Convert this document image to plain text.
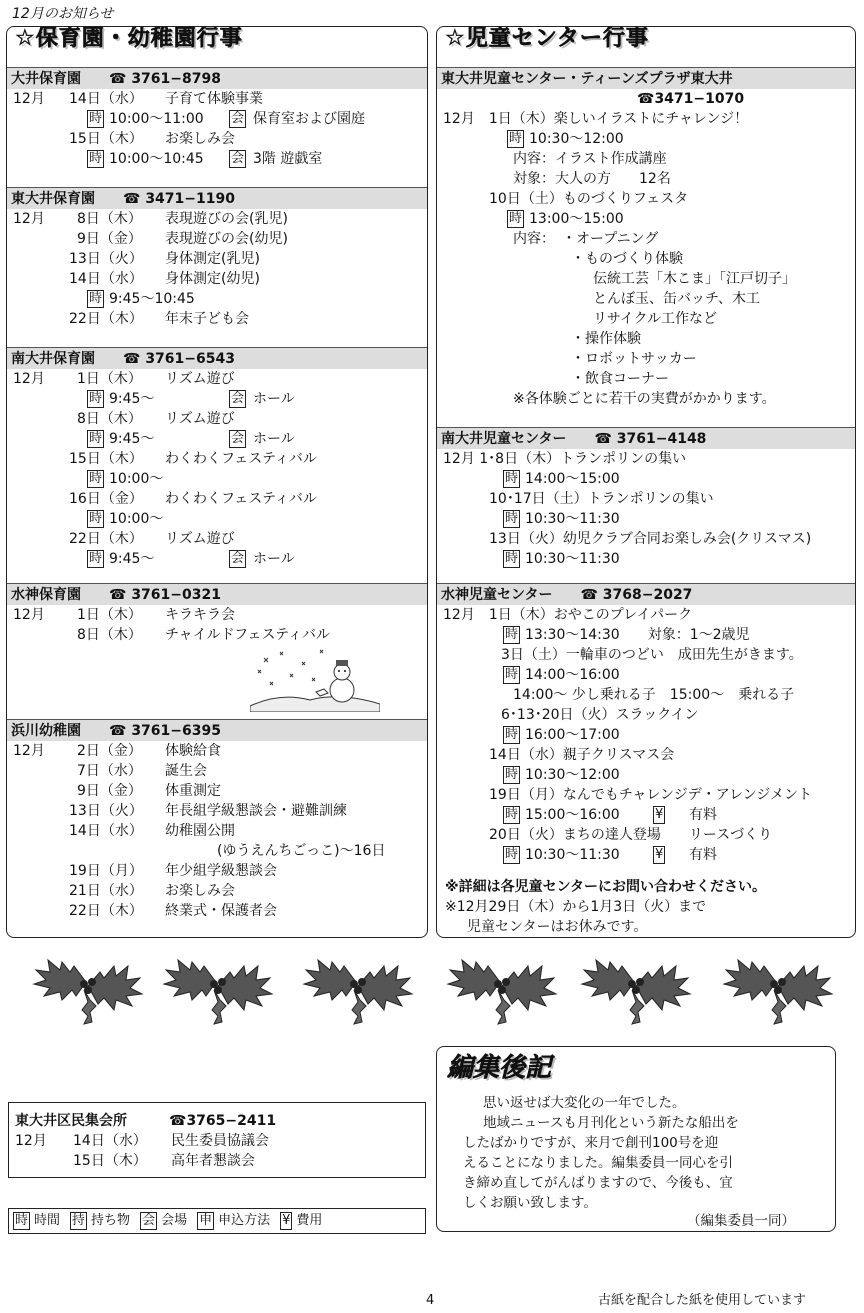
12月のお知らせ
☆保育園・幼稚園行事
大井保育園 ☎ 3761−8798
12月 14日（水） 子育て体験事業
時 10:00～11:00 会 保育室および園庭
15日（木） お楽しみ会
時 10:00～10:45 会 3階 遊戯室
東大井保育園 ☎ 3471−1190
12月 8日（木） 表現遊びの会(乳児)
9日（金） 表現遊びの会(幼児)
13日（火） 身体測定(乳児)
14日（水） 身体測定(幼児)
時 9:45～10:45
22日（木） 年末子ども会
南大井保育園 ☎ 3761−6543
12月 1日（木） リズム遊び
時 9:45～	会 ホール
8日（木） リズム遊び
時 9:45～	会 ホール
15日（木） わくわくフェスティバル
時 10:00～
16日（金） わくわくフェスティバル
時 10:00～
22日（木） リズム遊び
時 9:45～	会 ホール
水神保育園 ☎ 3761−0321
12月 1日（木） キラキラ会
8日（木） チャイルドフェスティバル
浜川幼稚園 ☎ 3761−6395
12月 2日（金） 体験給食
7日（水） 誕生会
9日（金） 体重測定
13日（火） 年長組学級懇談会・避難訓練
14日（水） 幼稚園公開
(ゆうえんちごっこ)～16日
19日（月） 年少組学級懇談会
21日（水） お楽しみ会
22日（木） 終業式・保護者会
☆児童センター行事
東大井児童センター・ティーンズプラザ東大井
☎3471−1070
12月　1日（木）楽しいイラストにチャレンジ！
時 10:30～12:00
内容：イラスト作成講座
対象：大人の方　　12名
10日（土）ものづくりフェスタ
時 13:00～15:00
内容：　・オープニング
・ものづくり体験
伝統工芸「木こま」「江戸切子」
とんぼ玉、缶バッチ、木工
リサイクル工作など
・操作体験
・ロボットサッカー
・飲食コーナー
※各体験ごとに若干の実費がかかります。
南大井児童センター ☎ 3761−4148
12月 1･8日（木）トランポリンの集い
時 14:00～15:00
10･17日（土）トランポリンの集い
時 10:30～11:30
13日（火）幼児クラブ合同お楽しみ会(クリスマス)
時 10:30～11:30
水神児童センター ☎ 3768−2027
12月　1日（木）おやこのプレイパーク
時 13:30～14:30　　対象：1～2歳児
3日（土）一輪車のつどい　成田先生がきます。
時 14:00～16:00
14:00～ 少し乗れる子　15:00～　乗れる子
6･13･20日（火）スラックイン
時 16:00～17:00
14日（水）親子クリスマス会
時 10:30～12:00
19日（月）なんでもチャレンジデ・アレンジメント
時 15:00～16:00　　 ¥ 有料
20日（火）まちの達人登場　　リースづくり
時 10:30～11:30　　 ¥ 有料
※詳細は各児童センターにお問い合わせください。
※12月29日（木）から1月3日（火）まで
児童センターはお休みです。
編集後記
思い返せば大変化の一年でした。
地域ニュースも月刊化という新たな船出を
したばかりですが、来月で創刊100号を迎
えることになりました。編集委員一同心を引
き締め直してがんばりますので、今後も、宜
しくお願い致します。
（編集委員一同）
東大井区民集会所	☎3765−2411
12月 14日（水） 民生委員協議会
15日（木） 高年者懇談会
時 時間 持 持ち物 会 会場 申 申込方法 ¥ 費用
4	古紙を配合した紙を使用しています
